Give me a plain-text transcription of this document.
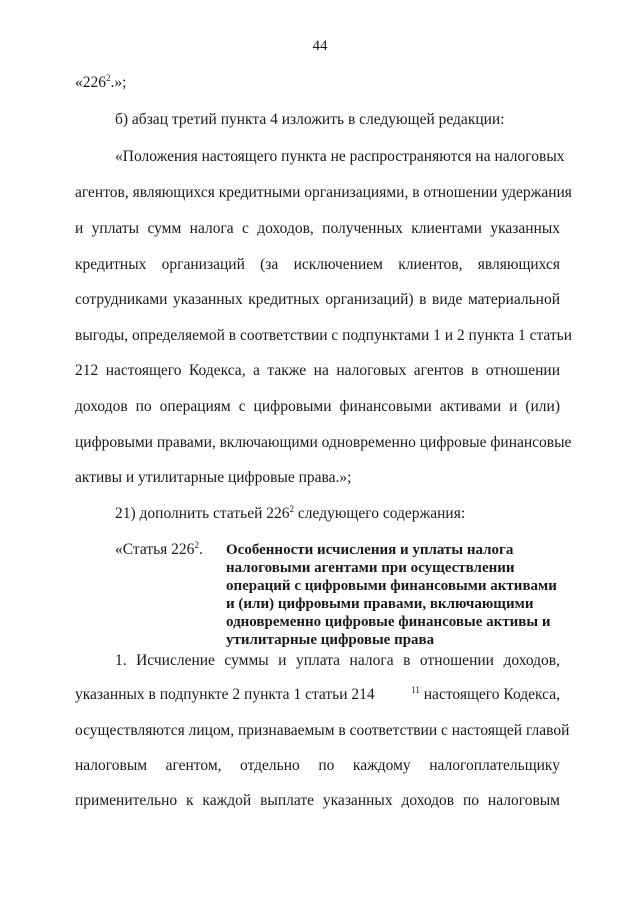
44
«$226^2$.»;
б) абзац третий пункта 4 изложить в следующей редакции:
«Положения настоящего пункта не распространяются на налоговых
агентов, являющихся кредитными организациями, в отношении удержания
и уплаты сумм налога с доходов, полученных клиентами указанных
кредитных организаций (за исключением клиентов, являющихся
сотрудниками указанных кредитных организаций) в виде материальной
выгоды, определяемой в соответствии с подпунктами 1 и 2 пункта 1 статьи
212 настоящего Кодекса, а также на налоговых агентов в отношении
доходов по операциям с цифровыми финансовыми активами и (или)
цифровыми правами, включающими одновременно цифровые финансовые
активы и утилитарные цифровые права.»;
21) дополнить статьей $226^2$ следующего содержания:
«Статья $226^2$. Особенности исчисления и уплаты налога
налоговыми агентами при осуществлении
операций с цифровыми финансовыми активами
и (или) цифровыми правами, включающими
одновременно цифровые финансовые активы и
утилитарные цифровые права
1. Исчисление суммы и уплата налога в отношении доходов,
указанных в подпункте 2 пункта 1 статьи 214	$^{11}$ настоящего Кодекса,
осуществляются лицом, признаваемым в соответствии с настоящей главой
налоговым агентом, отдельно по каждому налогоплательщику
применительно к каждой выплате указанных доходов по налоговым
